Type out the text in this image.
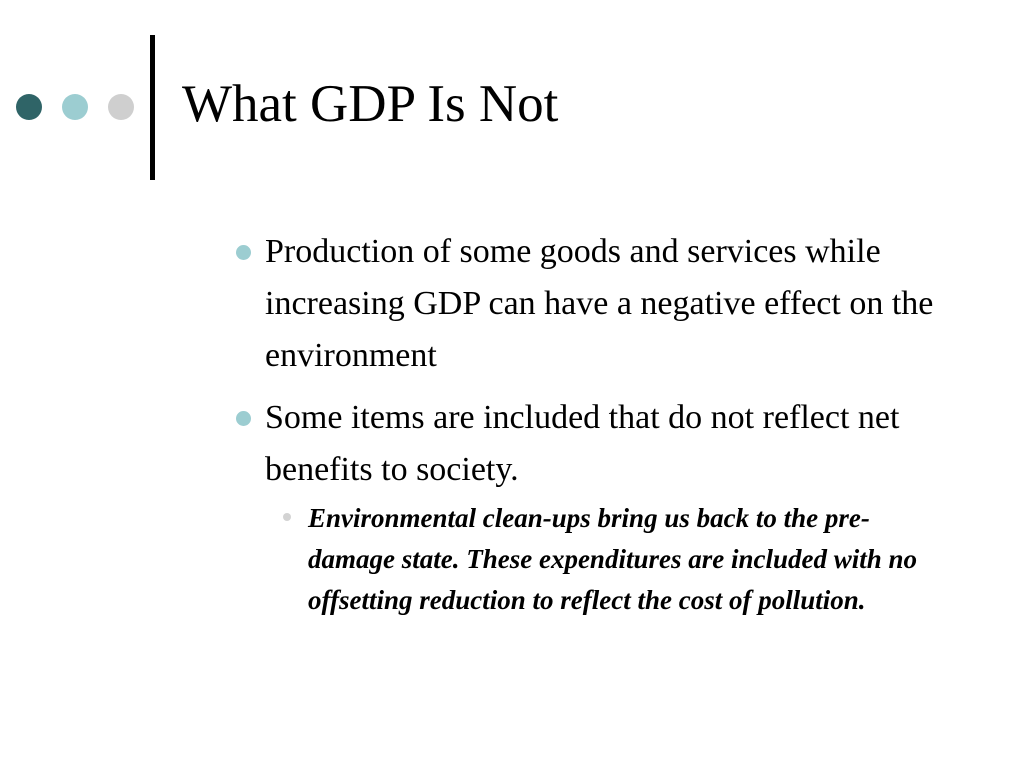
What GDP Is Not
Production of some goods and services while increasing GDP can have a negative effect on the environment
Some items are included that do not reflect net benefits to society.
Environmental clean-ups bring us back to the pre-damage state. These expenditures are included with no offsetting reduction to reflect the cost of pollution.
